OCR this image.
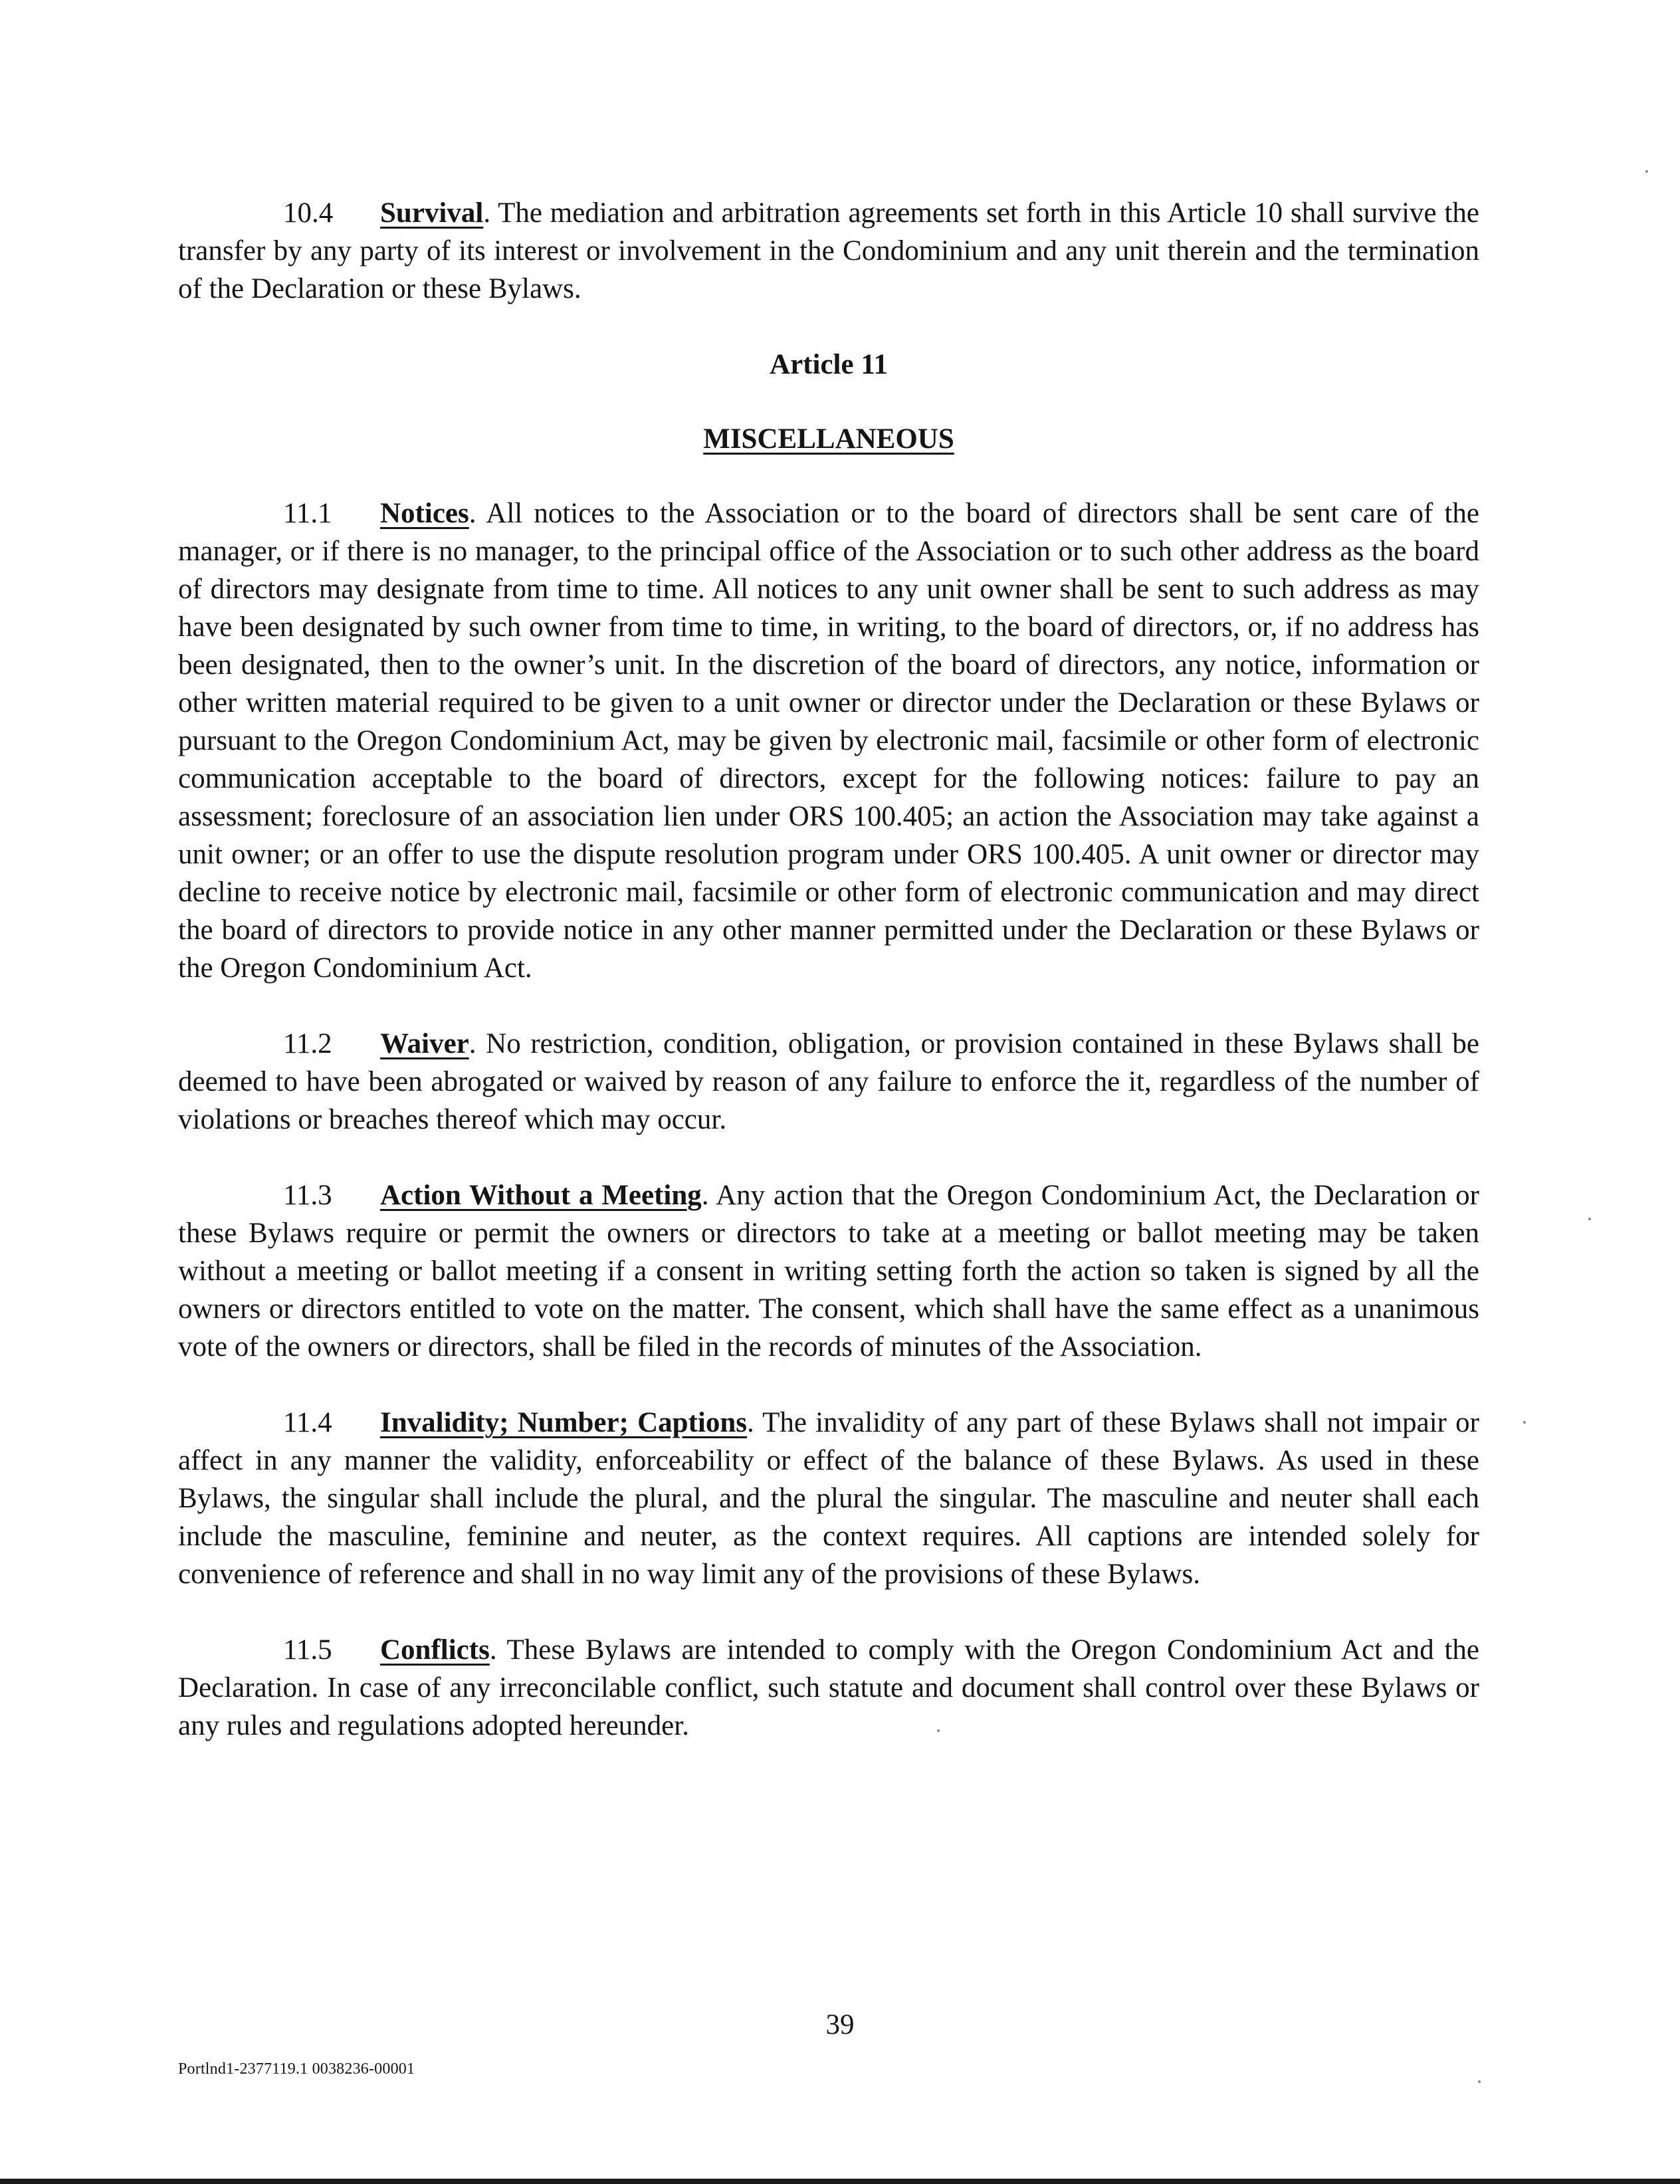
10.4 Survival. The mediation and arbitration agreements set forth in this Article 10 shall survive the transfer by any party of its interest or involvement in the Condominium and any unit therein and the termination of the Declaration or these Bylaws.

Article 11
MISCELLANEOUS

11.1 Notices. All notices to the Association or to the board of directors shall be sent care of the manager, or if there is no manager, to the principal office of the Association or to such other address as the board of directors may designate from time to time. All notices to any unit owner shall be sent to such address as may have been designated by such owner from time to time, in writing, to the board of directors, or, if no address has been designated, then to the owner’s unit. In the discretion of the board of directors, any notice, information or other written material required to be given to a unit owner or director under the Declaration or these Bylaws or pursuant to the Oregon Condominium Act, may be given by electronic mail, facsimile or other form of electronic communication acceptable to the board of directors, except for the following notices: failure to pay an assessment; foreclosure of an association lien under ORS 100.405; an action the Association may take against a unit owner; or an offer to use the dispute resolution program under ORS 100.405. A unit owner or director may decline to receive notice by electronic mail, facsimile or other form of electronic communication and may direct the board of directors to provide notice in any other manner permitted under the Declaration or these Bylaws or the Oregon Condominium Act.

11.2 Waiver. No restriction, condition, obligation, or provision contained in these Bylaws shall be deemed to have been abrogated or waived by reason of any failure to enforce the it, regardless of the number of violations or breaches thereof which may occur.

11.3 Action Without a Meeting. Any action that the Oregon Condominium Act, the Declaration or these Bylaws require or permit the owners or directors to take at a meeting or ballot meeting may be taken without a meeting or ballot meeting if a consent in writing setting forth the action so taken is signed by all the owners or directors entitled to vote on the matter. The consent, which shall have the same effect as a unanimous vote of the owners or directors, shall be filed in the records of minutes of the Association.

11.4 Invalidity; Number; Captions. The invalidity of any part of these Bylaws shall not impair or affect in any manner the validity, enforceability or effect of the balance of these Bylaws. As used in these Bylaws, the singular shall include the plural, and the plural the singular. The masculine and neuter shall each include the masculine, feminine and neuter, as the context requires. All captions are intended solely for convenience of reference and shall in no way limit any of the provisions of these Bylaws.

11.5 Conflicts. These Bylaws are intended to comply with the Oregon Condominium Act and the Declaration. In case of any irreconcilable conflict, such statute and document shall control over these Bylaws or any rules and regulations adopted hereunder.

39
Portlnd1-2377119.1 0038236-00001
